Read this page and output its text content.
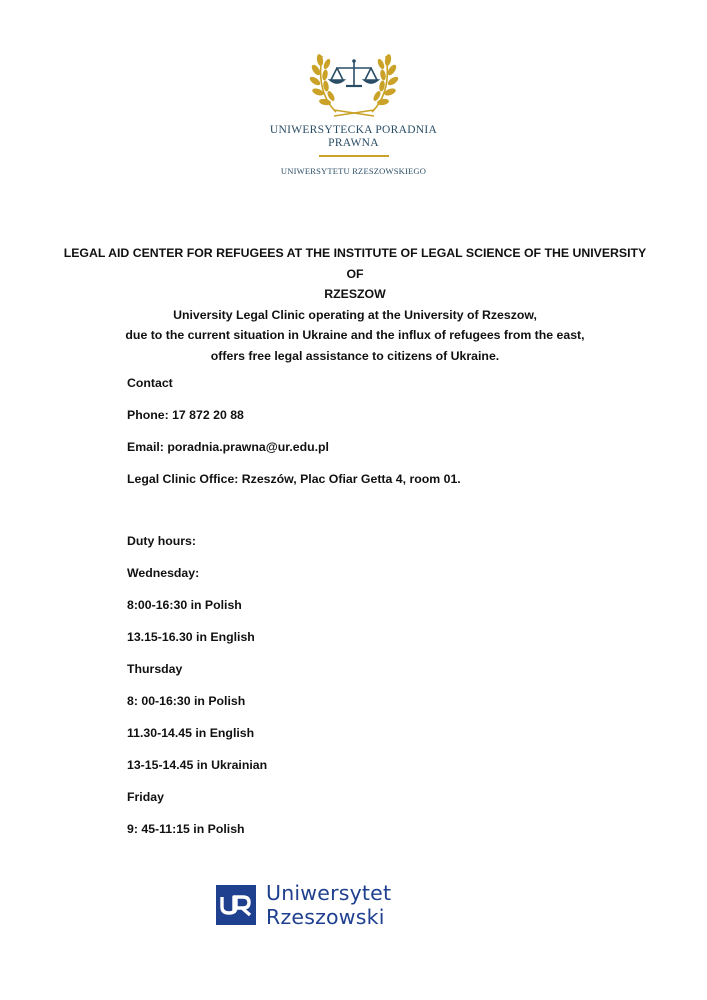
UNIWERSYTECKA PORADNIA
PRAWNA
UNIWERSYTETU RZESZOWSKIEGO
LEGAL AID CENTER FOR REFUGEES AT THE INSTITUTE OF LEGAL SCIENCE OF THE UNIVERSITY OF
RZESZOW
University Legal Clinic operating at the University of Rzeszow,
due to the current situation in Ukraine and the influx of refugees from the east,
offers free legal assistance to citizens of Ukraine.
Contact
Phone: 17 872 20 88
Email: poradnia.prawna@ur.edu.pl
Legal Clinic Office: Rzeszów, Plac Ofiar Getta 4, room 01.
Duty hours:
Wednesday:
8:00-16:30 in Polish
13.15-16.30 in English
Thursday
8: 00-16:30 in Polish
11.30-14.45 in English
13-15-14.45 in Ukrainian
Friday
9: 45-11:15 in Polish
Uniwersytet Rzeszowski
